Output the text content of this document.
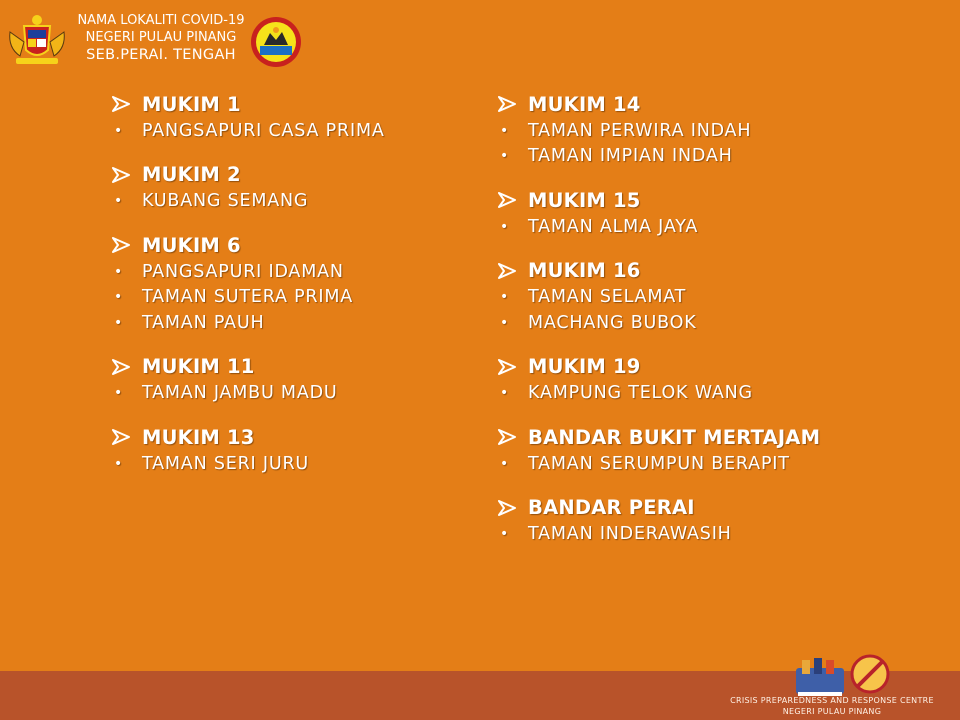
NAMA LOKALITI COVID-19
NEGERI PULAU PINANG
SEB.PERAI. TENGAH
MUKIM 1
•	PANGSAPURI CASA PRIMA
MUKIM 2
•	KUBANG SEMANG
MUKIM 6
•	PANGSAPURI IDAMAN
•	TAMAN SUTERA PRIMA
•	TAMAN PAUH
MUKIM 11
•	TAMAN JAMBU MADU
MUKIM 13
•	TAMAN SERI JURU
MUKIM 14
•	TAMAN PERWIRA INDAH
•	TAMAN IMPIAN INDAH
MUKIM 15
•	TAMAN ALMA JAYA
MUKIM 16
•	TAMAN SELAMAT
•	MACHANG BUBOK
MUKIM 19
•	KAMPUNG TELOK WANG
BANDAR BUKIT MERTAJAM
•	TAMAN SERUMPUN BERAPIT
BANDAR PERAI
•	TAMAN INDERAWASIH
CRISIS PREPAREDNESS AND RESPONSE CENTRE
NEGERI PULAU PINANG
